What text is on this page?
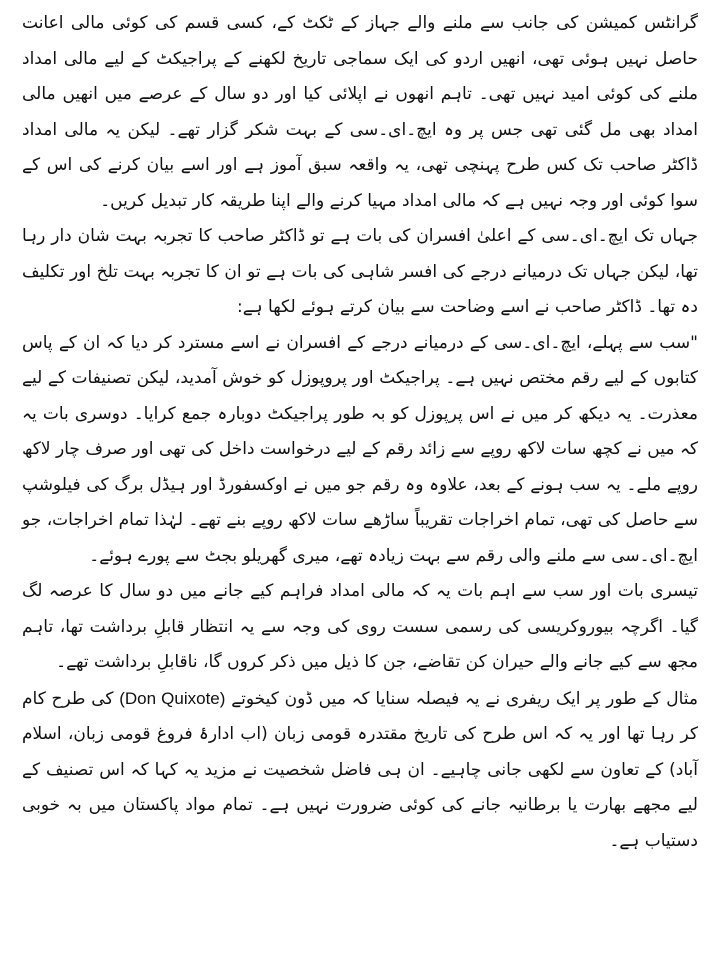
گرانٹس کمیشن کی جانب سے ملنے والے جہاز کے ٹکٹ کے، کسی قسم کی کوئی مالی اعانت حاصل نہیں ہوئی تھی، انھیں اردو کی ایک سماجی تاریخ لکھنے کے پراجیکٹ کے لیے مالی امداد ملنے کی کوئی امید نہیں تھی۔ تاہم انھوں نے اپلائی کیا اور دو سال کے عرصے میں انھیں مالی امداد بھی مل گئی تھی جس پر وہ ایچ۔ای۔سی کے بہت شکر گزار تھے۔ لیکن یہ مالی امداد ڈاکٹر صاحب تک کس طرح پہنچی تھی، یہ واقعہ سبق آموز ہے اور اسے بیان کرنے کی اس کے سوا کوئی اور وجہ نہیں ہے کہ مالی امداد مہیا کرنے والے اپنا طریقہ کار تبدیل کریں۔

جہاں تک ایچ۔ای۔سی کے اعلیٰ افسران کی بات ہے تو ڈاکٹر صاحب کا تجربہ بہت شان دار رہا تھا، لیکن جہاں تک درمیانے درجے کی افسر شاہی کی بات ہے تو ان کا تجربہ بہت تلخ اور تکلیف دہ تھا۔ ڈاکٹر صاحب نے اسے وضاحت سے بیان کرتے ہوئے لکھا ہے:

"سب سے پہلے، ایچ۔ای۔سی کے درمیانے درجے کے افسران نے اسے مسترد کر دیا کہ ان کے پاس کتابوں کے لیے رقم مختص نہیں ہے۔ پراجیکٹ اور پروپوزل کو خوش آمدید، لیکن تصنیفات کے لیے معذرت۔ یہ دیکھ کر میں نے اس پرپوزل کو بہ طور پراجیکٹ دوبارہ جمع کرایا۔ دوسری بات یہ کہ میں نے کچھ سات لاکھ روپے سے زائد رقم کے لیے درخواست داخل کی تھی اور صرف چار لاکھ روپے ملے۔ یہ سب ہونے کے بعد، علاوہ وہ رقم جو میں نے اوکسفورڈ اور ہیڈل برگ کی فیلوشپ سے حاصل کی تھی، تمام اخراجات تقریباً ساڑھے سات لاکھ روپے بنے تھے۔ لہٰذا تمام اخراجات، جو ایچ۔ای۔سی سے ملنے والی رقم سے بہت زیادہ تھے، میری گھریلو بجٹ سے پورے ہوئے۔

تیسری بات اور سب سے اہم بات یہ کہ مالی امداد فراہم کیے جانے میں دو سال کا عرصہ لگ گیا۔ اگرچہ بیوروکریسی کی رسمی سست روی کی وجہ سے یہ انتظار قابلِ برداشت تھا، تاہم مجھ سے کیے جانے والے حیران کن تقاضے، جن کا ذیل میں ذکر کروں گا، ناقابلِ برداشت تھے۔

مثال کے طور پر ایک ریفری نے یہ فیصلہ سنایا کہ میں ڈون کیخوتے (Don Quixote) کی طرح کام کر رہا تھا اور یہ کہ اس طرح کی تاریخ مقتدرہ قومی زبان (اب ادارۂ فروغ قومی زبان، اسلام آباد) کے تعاون سے لکھی جانی چاہیے۔ ان ہی فاضل شخصیت نے مزید یہ کہا کہ اس تصنیف کے لیے مجھے بھارت یا برطانیہ جانے کی کوئی ضرورت نہیں ہے۔ تمام مواد پاکستان میں بہ خوبی دستیاب ہے۔
